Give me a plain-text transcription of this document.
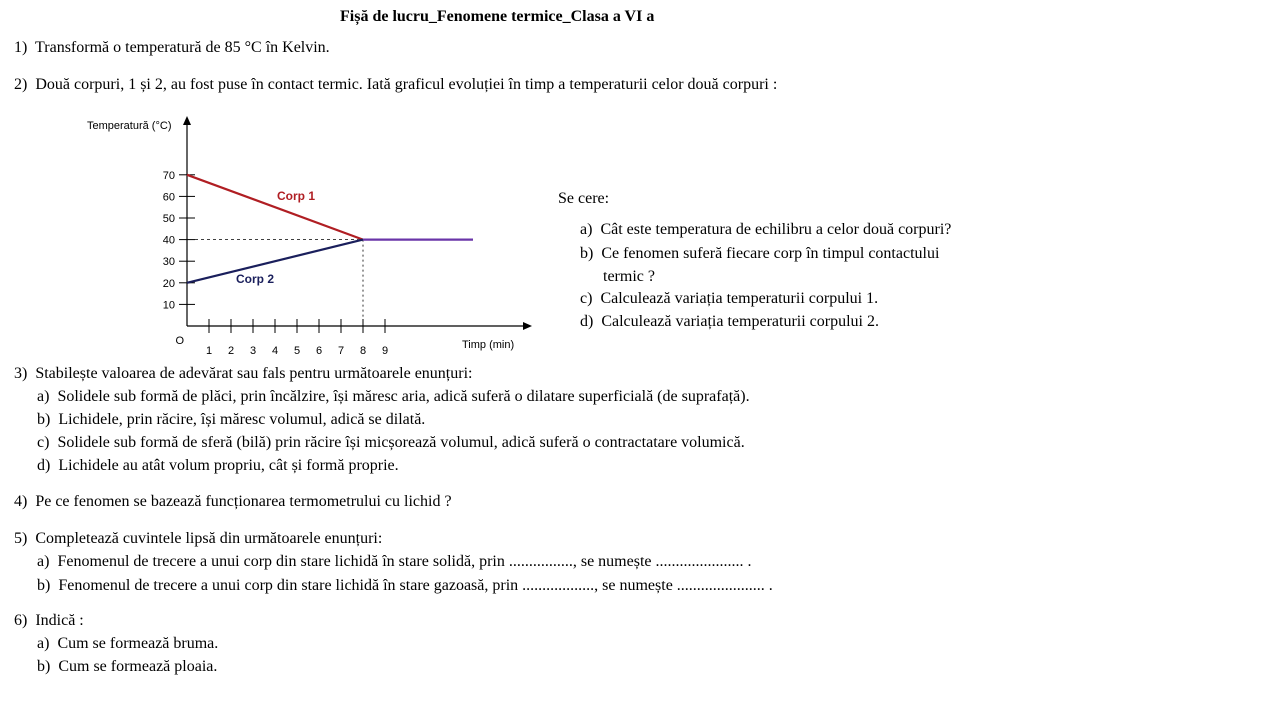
Fișă de lucru_Fenomene termice_Clasa a VI a
1) Transformă o temperatură de 85 °C în Kelvin.
2) Două corpuri, 1 și 2, au fost puse în contact termic. Iată graficul evoluției în timp a temperaturii celor două corpuri :
10
20
30
40
50
60
70
1 2 3 4 5 6 7 8 9
O
Temperatură (°C)
Timp (min)
Corp 1
Corp 2
Se cere:
a) Cât este temperatura de echilibru a celor două corpuri?
b) Ce fenomen suferă fiecare corp în timpul contactului
termic ?
c) Calculează variația temperaturii corpului 1.
d) Calculează variația temperaturii corpului 2.
3) Stabilește valoarea de adevărat sau fals pentru următoarele enunțuri:
a) Solidele sub formă de plăci, prin încălzire, își măresc aria, adică suferă o dilatare superficială (de suprafață).
b) Lichidele, prin răcire, își măresc volumul, adică se dilată.
c) Solidele sub formă de sferă (bilă) prin răcire își micșorează volumul, adică suferă o contractatare volumică.
d) Lichidele au atât volum propriu, cât și formă proprie.
4) Pe ce fenomen se bazează funcționarea termometrului cu lichid ?
5) Completează cuvintele lipsă din următoarele enunțuri:
a) Fenomenul de trecere a unui corp din stare lichidă în stare solidă, prin ................, se numește ...................... .
b) Fenomenul de trecere a unui corp din stare lichidă în stare gazoasă, prin .................., se numește ...................... .
6) Indică :
a) Cum se formează bruma.
b) Cum se formează ploaia.
